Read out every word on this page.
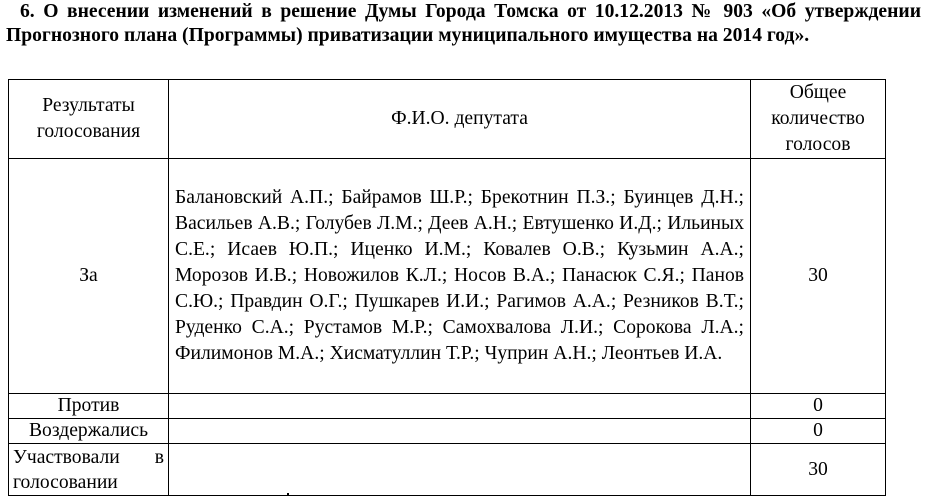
6. О внесении изменений в решение Думы Города Томска от 10.12.2013 № 903 «Об утверждении Прогнозного плана (Программы) приватизации муниципального имущества на 2014 год».
Результаты голосования	Ф.И.О. депутата	Общее количество голосов
За	Балановский А.П.; Байрамов Ш.Р.; Брекотнин П.З.; Буинцев Д.Н.; Васильев А.В.; Голубев Л.М.; Деев А.Н.; Евтушенко И.Д.; Ильиных С.Е.; Исаев Ю.П.; Иценко И.М.; Ковалев О.В.; Кузьмин А.А.; Морозов И.В.; Новожилов К.Л.; Носов В.А.; Панасюк С.Я.; Панов С.Ю.; Правдин О.Г.; Пушкарев И.И.; Рагимов А.А.; Резников В.Т.; Руденко С.А.; Рустамов М.Р.; Самохвалова Л.И.; Сорокова Л.А.; Филимонов М.А.; Хисматуллин Т.Р.; Чуприн А.Н.; Леонтьев И.А.	30
Против		0
Воздержались		0
Участвовали в голосовании		30
